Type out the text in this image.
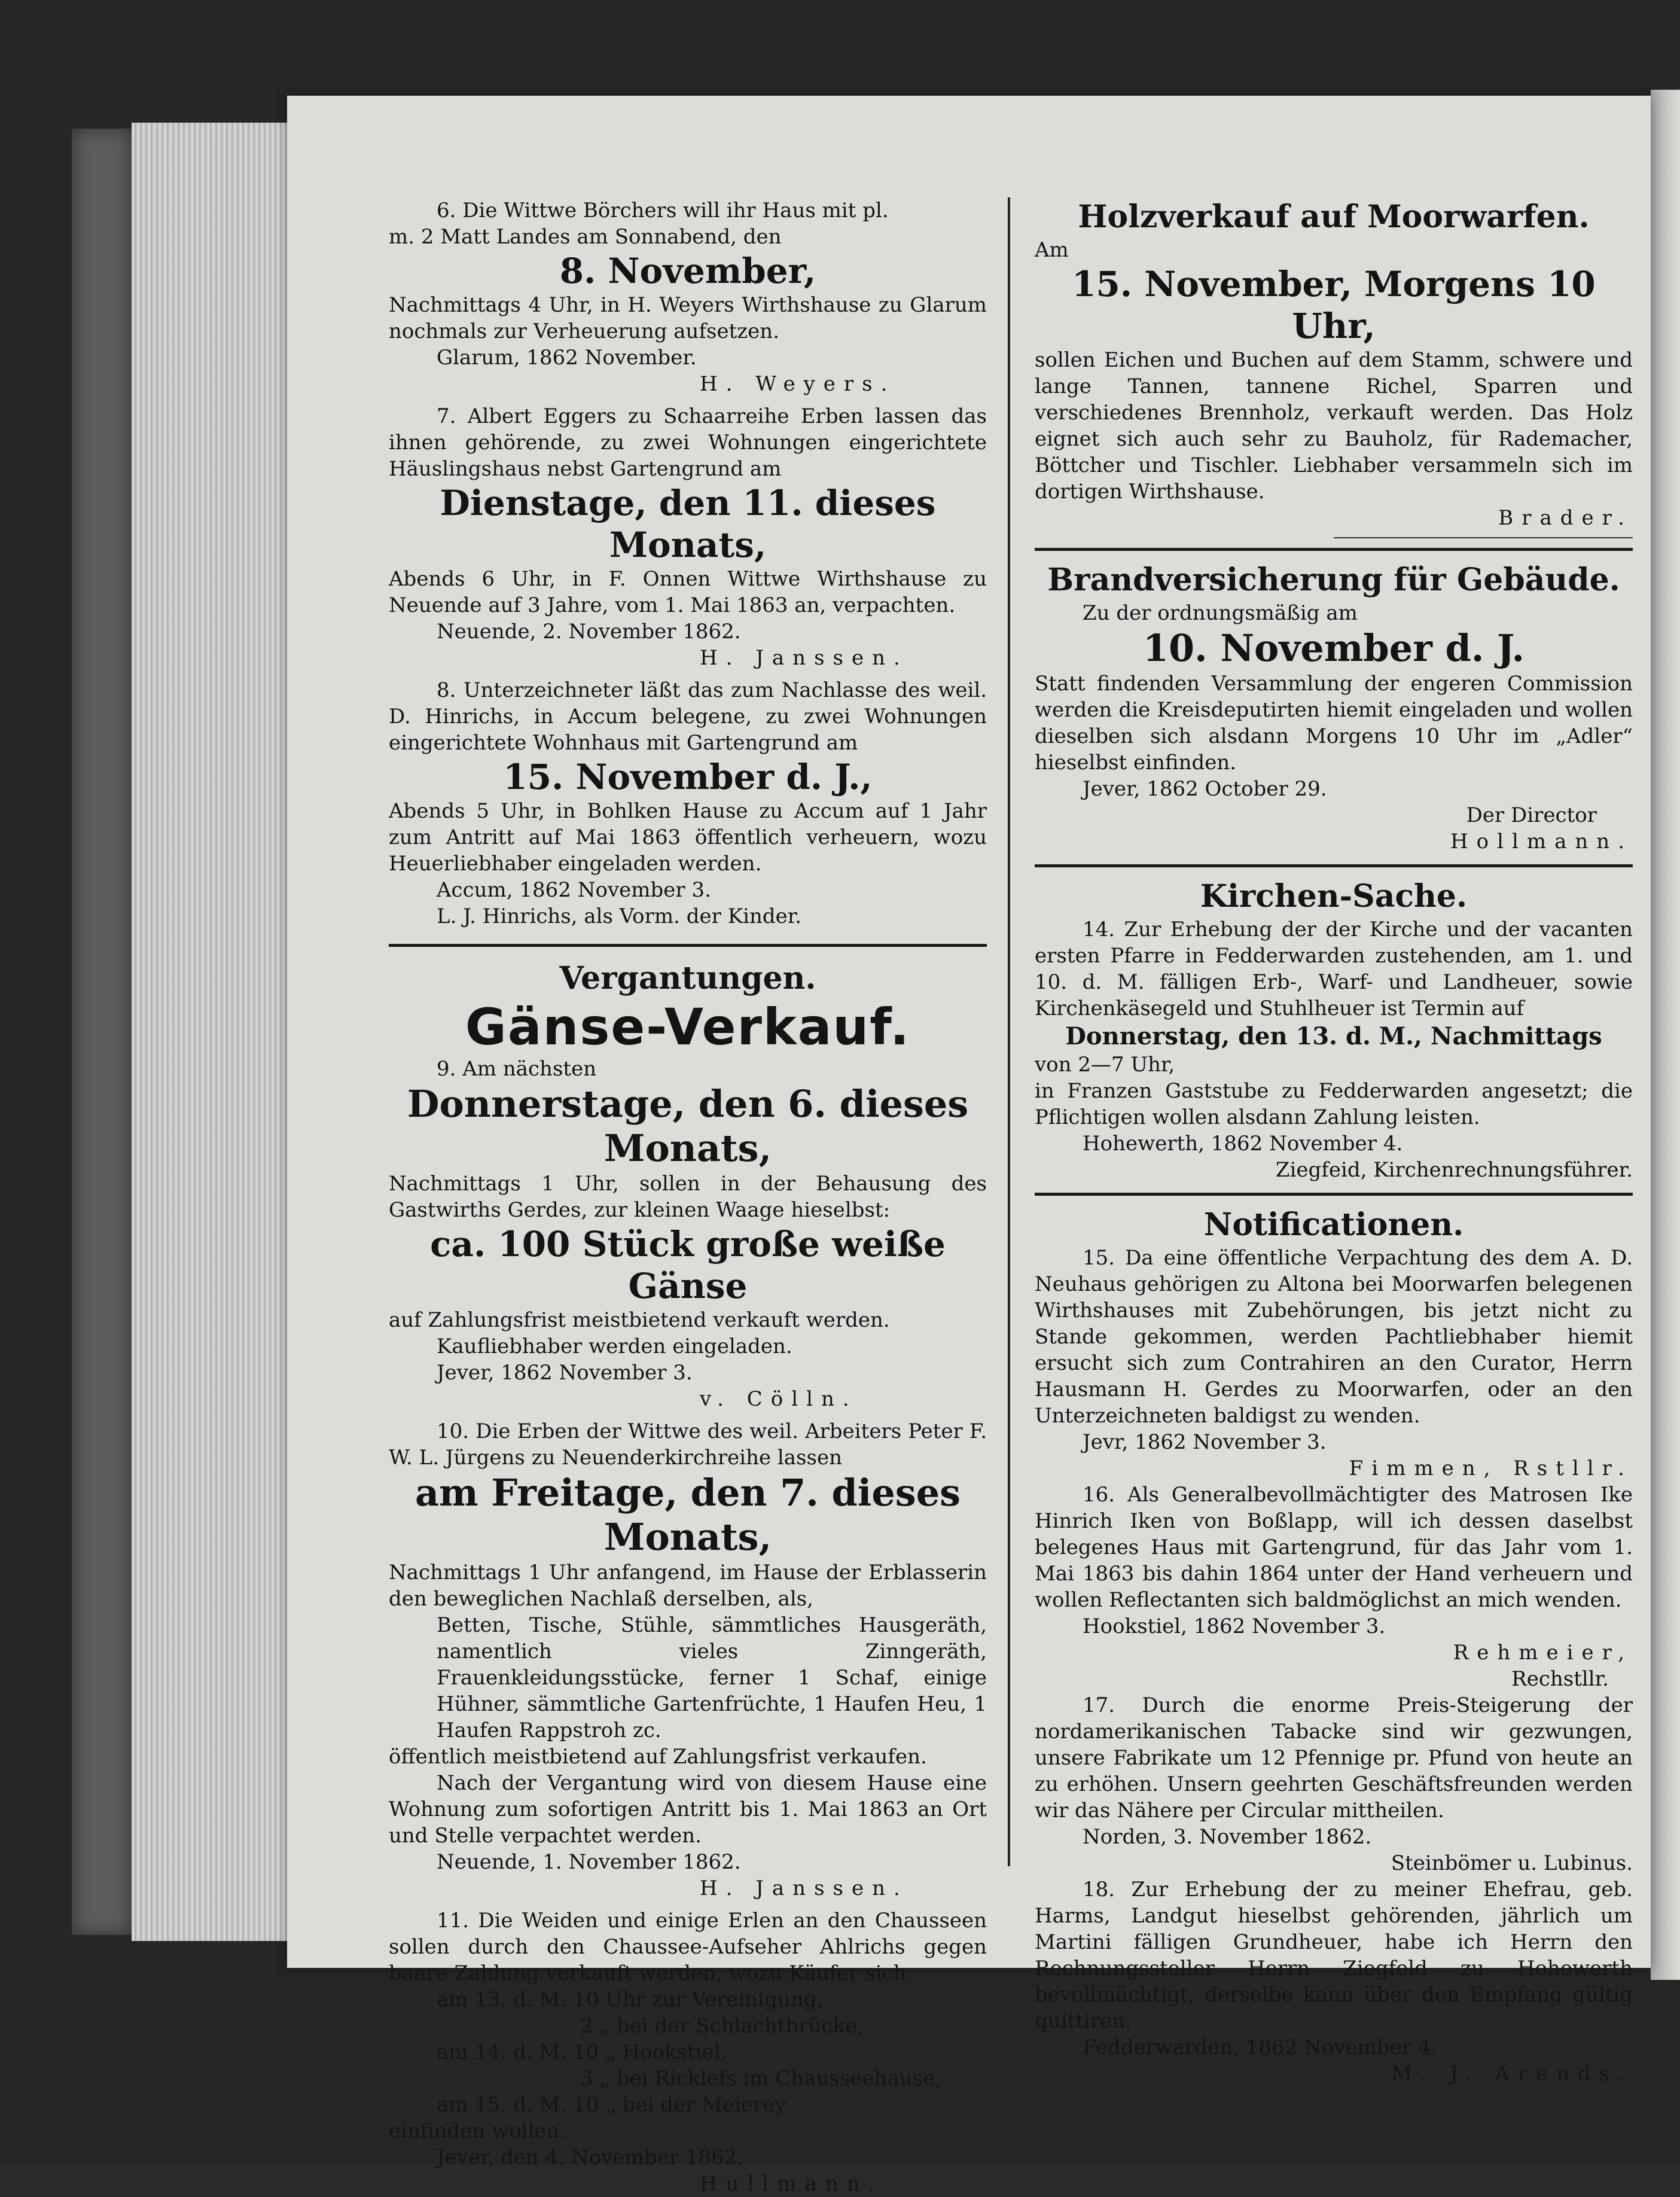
6. Die Wittwe Börchers will ihr Haus mit pl.

m. 2 Matt Landes am Sonnabend, den

8. November,

Nachmittags 4 Uhr, in H. Weyers Wirthshause zu Glarum nochmals zur Verheuerung aufsetzen.

Glarum, 1862 November.

H. Weyers.

7. Albert Eggers zu Schaarreihe Erben lassen das ihnen gehörende, zu zwei Wohnungen eingerichtete Häuslingshaus nebst Gartengrund am

Dienstage, den 11. dieses Monats,

Abends 6 Uhr, in F. Onnen Wittwe Wirthshause zu Neuende auf 3 Jahre, vom 1. Mai 1863 an, verpachten.

Neuende, 2. November 1862.

H. Janssen.

8. Unterzeichneter läßt das zum Nachlasse des weil. D. Hinrichs, in Accum belegene, zu zwei Wohnungen eingerichtete Wohnhaus mit Gartengrund am

15. November d. J.,

Abends 5 Uhr, in Bohlken Hause zu Accum auf 1 Jahr zum Antritt auf Mai 1863 öffentlich verheuern, wozu Heuerliebhaber eingeladen werden.

Accum, 1862 November 3.

L. J. Hinrichs, als Vorm. der Kinder.

Vergantungen.

Gänse-Verkauf.

9. Am nächsten

Donnerstage, den 6. dieses Monats,

Nachmittags 1 Uhr, sollen in der Behausung des Gastwirths Gerdes, zur kleinen Waage hieselbst:

ca. 100 Stück große weiße Gänse

auf Zahlungsfrist meistbietend verkauft werden.

Kaufliebhaber werden eingeladen.

Jever, 1862 November 3.

v. Cölln.

10. Die Erben der Wittwe des weil. Arbeiters Peter F. W. L. Jürgens zu Neuenderkirchreihe lassen

am Freitage, den 7. dieses Monats,

Nachmittags 1 Uhr anfangend, im Hause der Erblasserin den beweglichen Nachlaß derselben, als,

Betten, Tische, Stühle, sämmtliches Hausgeräth, namentlich vieles Zinngeräth, Frauenkleidungsstücke, ferner 1 Schaf, einige Hühner, sämmtliche Gartenfrüchte, 1 Haufen Heu, 1 Haufen Rappstroh zc.

öffentlich meistbietend auf Zahlungsfrist verkaufen.

Nach der Vergantung wird von diesem Hause eine Wohnung zum sofortigen Antritt bis 1. Mai 1863 an Ort und Stelle verpachtet werden.

Neuende, 1. November 1862.

H. Janssen.

11. Die Weiden und einige Erlen an den Chausseen sollen durch den Chaussee-Aufseher Ahlrichs gegen baare Zahlung verkauft werden, wozu Käufer sich

am 13. d. M. 10 Uhr zur Vereinigung,

2 „ bei der Schlachtbrücke,

am 14. d. M. 10 „ Hookstiel,

3 „ bei Ricklefs im Chausseehause,

am 15. d. M. 10 „ bei der Meierey

einfinden wollen.

Jever, den 4. November 1862.

Hullmann.

Holzverkauf auf Moorwarfen.

Am

15. November, Morgens 10 Uhr,

sollen Eichen und Buchen auf dem Stamm, schwere und lange Tannen, tannene Richel, Sparren und verschiedenes Brennholz, verkauft werden. Das Holz eignet sich auch sehr zu Bauholz, für Rademacher, Böttcher und Tischler. Liebhaber versammeln sich im dortigen Wirthshause.

Brader.

Brandversicherung für Gebäude.

Zu der ordnungsmäßig am

10. November d. J.

Statt findenden Versammlung der engeren Commission werden die Kreisdeputirten hiemit eingeladen und wollen dieselben sich alsdann Morgens 10 Uhr im „Adler“ hieselbst einfinden.

Jever, 1862 October 29.

Der Director

Hollmann.

Kirchen-Sache.

14. Zur Erhebung der der Kirche und der vacanten ersten Pfarre in Fedderwarden zustehenden, am 1. und 10. d. M. fälligen Erb-, Warf- und Landheuer, sowie Kirchenkäsegeld und Stuhlheuer ist Termin auf

Donnerstag, den 13. d. M., Nachmittags

von 2—7 Uhr,

in Franzen Gaststube zu Fedderwarden angesetzt; die Pflichtigen wollen alsdann Zahlung leisten.

Hohewerth, 1862 November 4.

Ziegfeid, Kirchenrechnungsführer.

Notificationen.

15. Da eine öffentliche Verpachtung des dem A. D. Neuhaus gehörigen zu Altona bei Moorwarfen belegenen Wirthshauses mit Zubehörungen, bis jetzt nicht zu Stande gekommen, werden Pachtliebhaber hiemit ersucht sich zum Contrahiren an den Curator, Herrn Hausmann H. Gerdes zu Moorwarfen, oder an den Unterzeichneten baldigst zu wenden.

Jevr, 1862 November 3.

Fimmen, Rstllr.

16. Als Generalbevollmächtigter des Matrosen Ike Hinrich Iken von Boßlapp, will ich dessen daselbst belegenes Haus mit Gartengrund, für das Jahr vom 1. Mai 1863 bis dahin 1864 unter der Hand verheuern und wollen Reflectanten sich baldmöglichst an mich wenden.

Hookstiel, 1862 November 3.

Rehmeier,

Rechstllr.

17. Durch die enorme Preis-Steigerung der nordamerikanischen Tabacke sind wir gezwungen, unsere Fabrikate um 12 Pfennige pr. Pfund von heute an zu erhöhen. Unsern geehrten Geschäftsfreunden werden wir das Nähere per Circular mittheilen.

Norden, 3. November 1862.

Steinbömer u. Lubinus.

18. Zur Erhebung der zu meiner Ehefrau, geb. Harms, Landgut hieselbst gehörenden, jährlich um Martini fälligen Grundheuer, habe ich Herrn den Rechnungssteller Herrn Ziegfeld zu Hohewerth bevollmächtigt, derselbe kann über den Empfang gültig quittiren.

Fedderwarden, 1862 November 4.

M. J. Arends.
